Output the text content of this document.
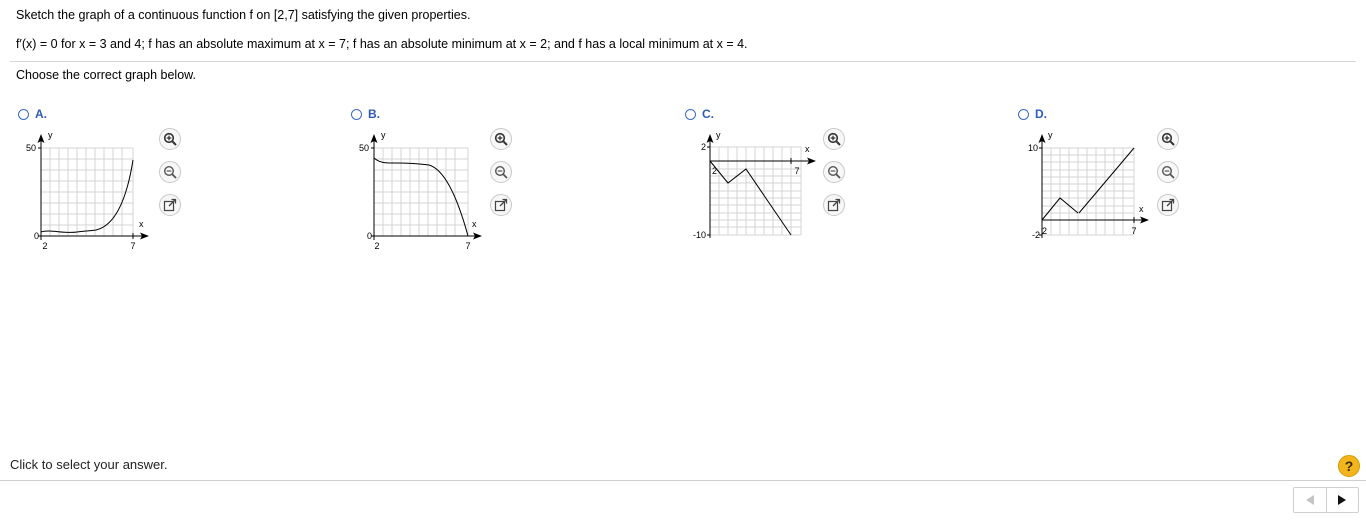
Sketch the graph of a continuous function f on [2,7] satisfying the given properties.
f′(x) = 0 for x = 3 and 4; f has an absolute maximum at x = 7; f has an absolute minimum at x = 2; and f has a local minimum at x = 4.
Choose the correct graph below.
A.
y
x
50
0
2	7
B.
y
x
50
0
2	7
C.
y
x
2
-10
2	7
D.
y
x
10
-2 2	7
Click to select your answer.	?
